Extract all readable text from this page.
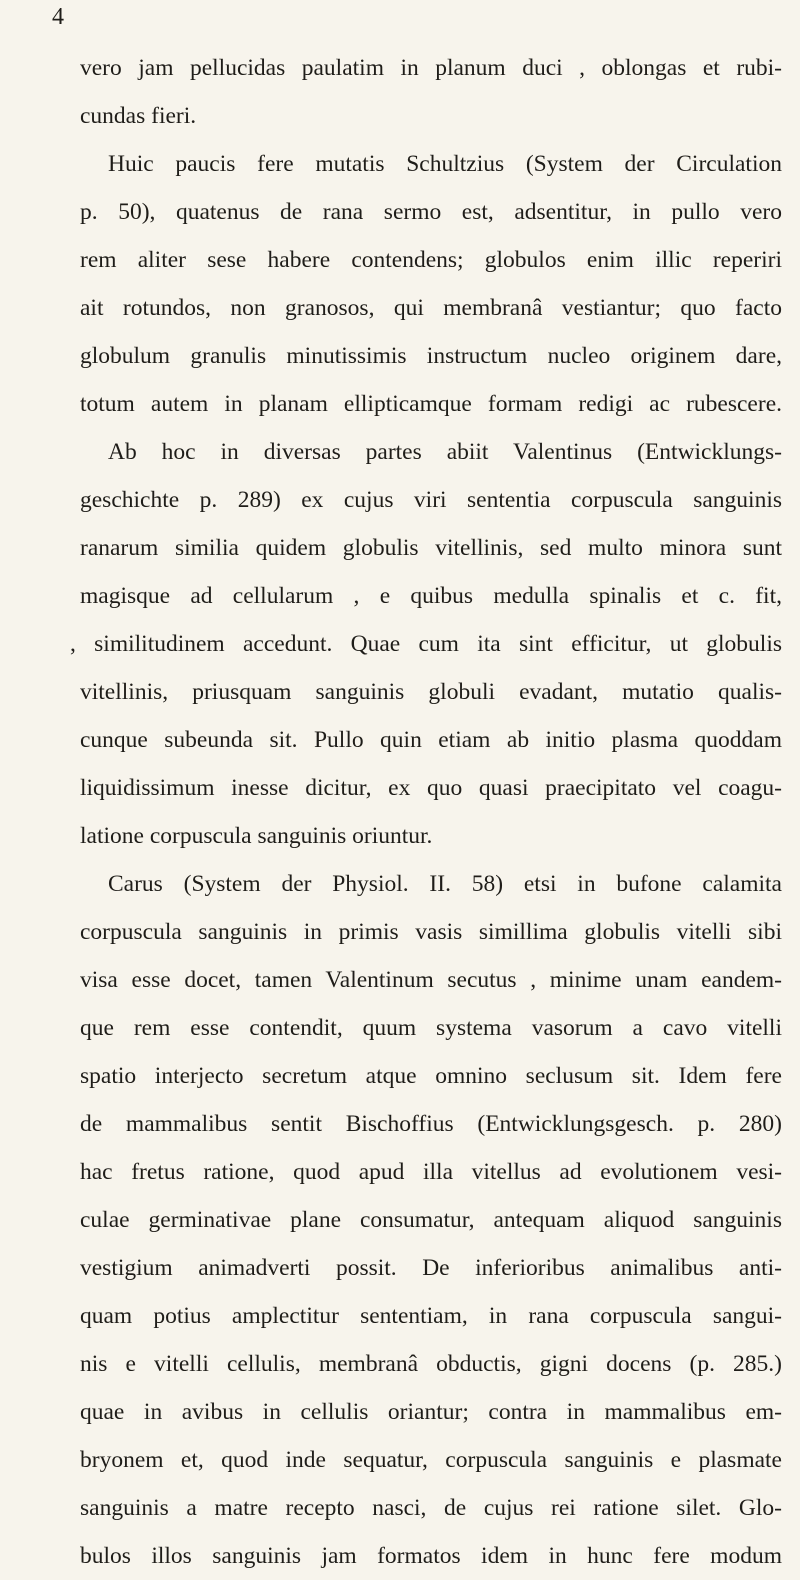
4
vero jam pellucidas paulatim in planum duci , oblongas et rubi-
cundas fieri.
Huic paucis fere mutatis Schultzius (System der Circulation
p. 50), quatenus de rana sermo est, adsentitur, in pullo vero
rem aliter sese habere contendens; globulos enim illic reperiri
ait rotundos, non granosos, qui membranâ vestiantur; quo facto
globulum granulis minutissimis instructum nucleo originem dare,
totum autem in planam ellipticamque formam redigi ac rubescere.
Ab hoc in diversas partes abiit Valentinus (Entwicklungs-
geschichte p. 289) ex cujus viri sententia corpuscula sanguinis
ranarum similia quidem globulis vitellinis, sed multo minora sunt
magisque ad cellularum , e quibus medulla spinalis et c. fit,
, similitudinem accedunt. Quae cum ita sint efficitur, ut globulis
vitellinis, priusquam sanguinis globuli evadant, mutatio qualis-
cunque subeunda sit. Pullo quin etiam ab initio plasma quoddam
liquidissimum inesse dicitur, ex quo quasi praecipitato vel coagu-
latione corpuscula sanguinis oriuntur.
Carus (System der Physiol. II. 58) etsi in bufone calamita
corpuscula sanguinis in primis vasis simillima globulis vitelli sibi
visa esse docet, tamen Valentinum secutus , minime unam eandem-
que rem esse contendit, quum systema vasorum a cavo vitelli
spatio interjecto secretum atque omnino seclusum sit. Idem fere
de mammalibus sentit Bischoffius (Entwicklungsgesch. p. 280)
hac fretus ratione, quod apud illa vitellus ad evolutionem vesi-
culae germinativae plane consumatur, antequam aliquod sanguinis
vestigium animadverti possit. De inferioribus animalibus anti-
quam potius amplectitur sententiam, in rana corpuscula sangui-
nis e vitelli cellulis, membranâ obductis, gigni docens (p. 285.)
quae in avibus in cellulis oriantur; contra in mammalibus em-
bryonem et, quod inde sequatur, corpuscula sanguinis e plasmate
sanguinis a matre recepto nasci, de cujus rei ratione silet. Glo-
bulos illos sanguinis jam formatos idem in hunc fere modum
